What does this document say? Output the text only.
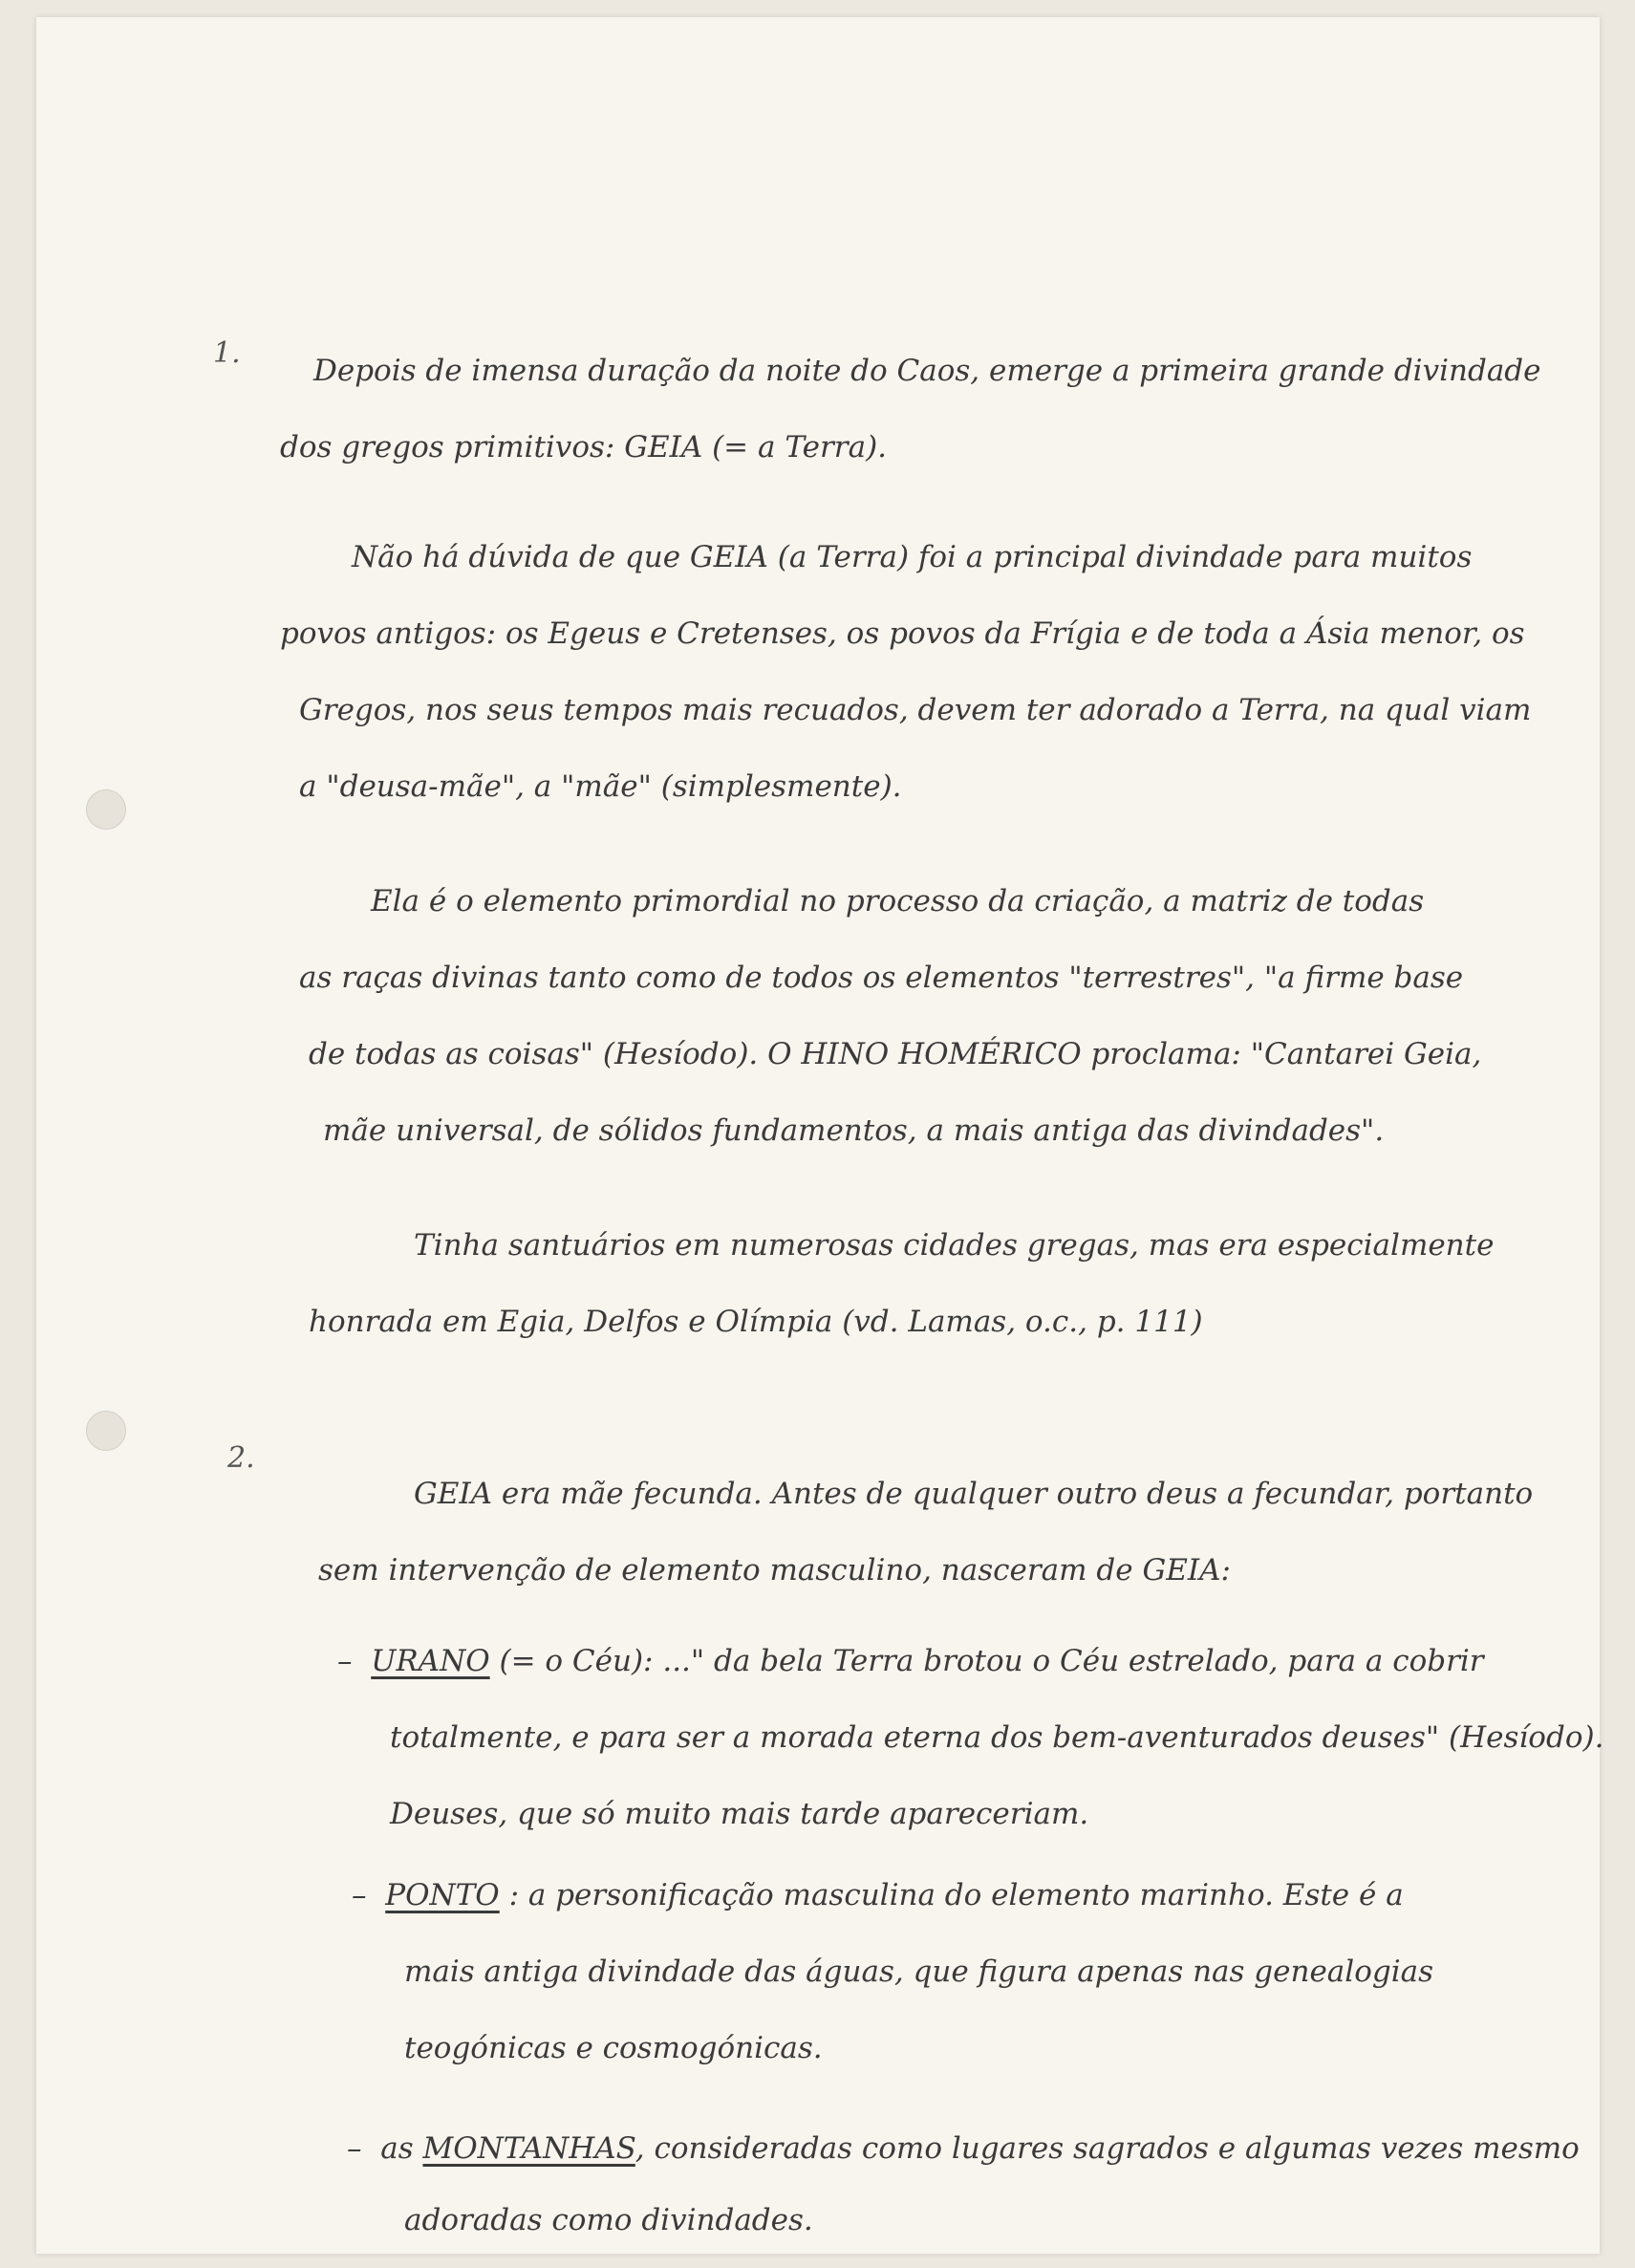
1.
Depois de imensa duração da noite do Caos, emerge a primeira grande divindade
dos gregos primitivos: GEIA (= a Terra).
Não há dúvida de que GEIA (a Terra) foi a principal divindade para muitos
povos antigos: os Egeus e Cretenses, os povos da Frígia e de toda a Ásia menor, os
Gregos, nos seus tempos mais recuados, devem ter adorado a Terra, na qual viam
a "deusa-mãe", a "mãe" (simplesmente).
Ela é o elemento primordial no processo da criação, a matriz de todas
as raças divinas tanto como de todos os elementos "terrestres", "a firme base
de todas as coisas" (Hesíodo). O HINO HOMÉRICO proclama: "Cantarei Geia,
mãe universal, de sólidos fundamentos, a mais antiga das divindades".
Tinha santuários em numerosas cidades gregas, mas era especialmente
honrada em Egia, Delfos e Olímpia (vd. Lamas, o.c., p. 111)
2.
GEIA era mãe fecunda. Antes de qualquer outro deus a fecundar, portanto
sem intervenção de elemento masculino, nasceram de GEIA:
– URANO (= o Céu): ..." da bela Terra brotou o Céu estrelado, para a cobrir
totalmente, e para ser a morada eterna dos bem-aventurados deuses" (Hesíodo).
Deuses, que só muito mais tarde apareceriam.
– PONTO : a personificação masculina do elemento marinho. Este é a
mais antiga divindade das águas, que figura apenas nas genealogias
teogónicas e cosmogónicas.
– as MONTANHAS, consideradas como lugares sagrados e algumas vezes mesmo
adoradas como divindades.
